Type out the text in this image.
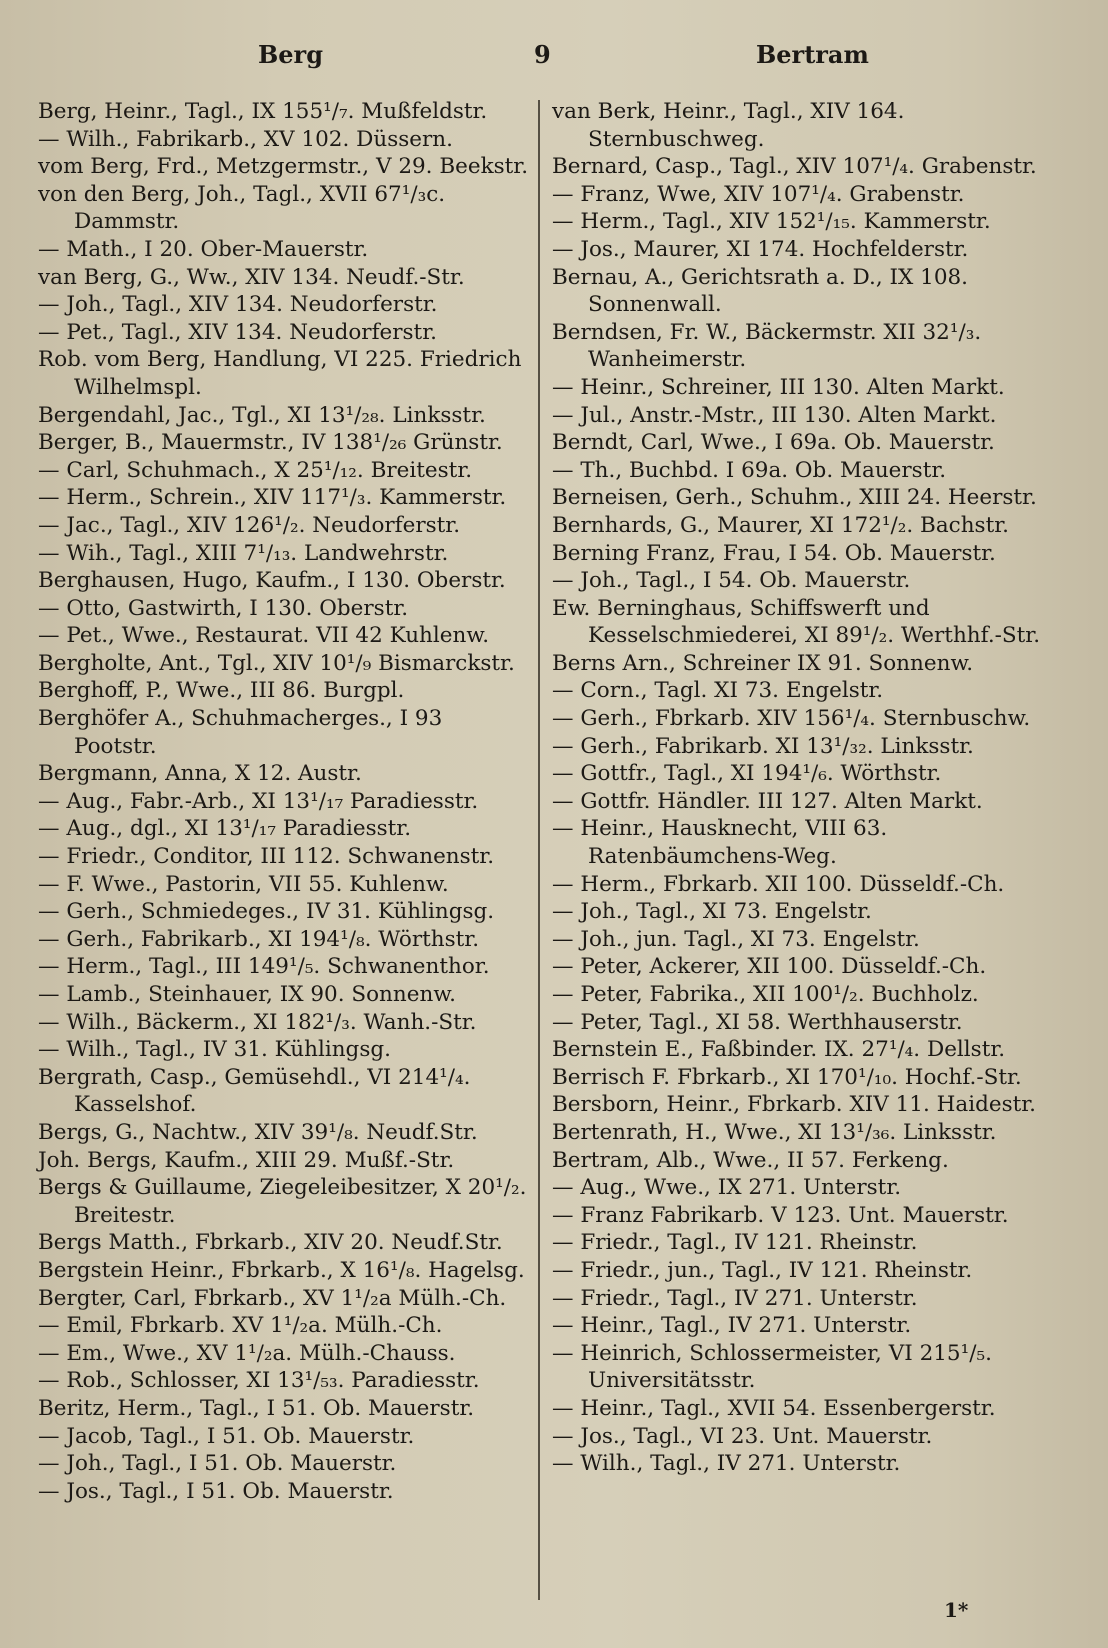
Berg	9	Bertram

Berg, Heinr., Tagl., IX 155¹/₇. Mußfeldstr.

— Wilh., Fabrikarb., XV 102. Düssern.

vom Berg, Frd., Metzgermstr., V 29. Beekstr.

von den Berg, Joh., Tagl., XVII 67¹/₃c. Dammstr.

— Math., I 20. Ober-Mauerstr.

van Berg, G., Ww., XIV 134. Neudf.-Str.

— Joh., Tagl., XIV 134. Neudorferstr.

— Pet., Tagl., XIV 134. Neudorferstr.

Rob. vom Berg, Handlung, VI 225. Friedrich Wilhelmspl.

Bergendahl, Jac., Tgl., XI 13¹/₂₈. Linksstr.

Berger, B., Mauermstr., IV 138¹/₂₆ Grünstr.

— Carl, Schuhmach., X 25¹/₁₂. Breitestr.

— Herm., Schrein., XIV 117¹/₃. Kammerstr.

— Jac., Tagl., XIV 126¹/₂. Neudorferstr.

— Wih., Tagl., XIII 7¹/₁₃. Landwehrstr.

Berghausen, Hugo, Kaufm., I 130. Oberstr.

— Otto, Gastwirth, I 130. Oberstr.

— Pet., Wwe., Restaurat. VII 42 Kuhlenw.

Bergholte, Ant., Tgl., XIV 10¹/₉ Bismarckstr.

Berghoff, P., Wwe., III 86. Burgpl.

Berghöfer A., Schuhmacherges., I 93 Pootstr.

Bergmann, Anna, X 12. Austr.

— Aug., Fabr.-Arb., XI 13¹/₁₇ Paradiesstr.

— Aug., dgl., XI 13¹/₁₇ Paradiesstr.

— Friedr., Conditor, III 112. Schwanenstr.

— F. Wwe., Pastorin, VII 55. Kuhlenw.

— Gerh., Schmiedeges., IV 31. Kühlingsg.

— Gerh., Fabrikarb., XI 194¹/₈. Wörthstr.

— Herm., Tagl., III 149¹/₅. Schwanenthor.

— Lamb., Steinhauer, IX 90. Sonnenw.

— Wilh., Bäckerm., XI 182¹/₃. Wanh.-Str.

— Wilh., Tagl., IV 31. Kühlingsg.

Bergrath, Casp., Gemüsehdl., VI 214¹/₄. Kasselshof.

Bergs, G., Nachtw., XIV 39¹/₈. Neudf.Str.

Joh. Bergs, Kaufm., XIII 29. Mußf.-Str.

Bergs & Guillaume, Ziegeleibesitzer, X 20¹/₂. Breitestr.

Bergs Matth., Fbrkarb., XIV 20. Neudf.Str.

Bergstein Heinr., Fbrkarb., X 16¹/₈. Hagelsg.

Bergter, Carl, Fbrkarb., XV 1¹/₂a Mülh.-Ch.

— Emil, Fbrkarb. XV 1¹/₂a. Mülh.-Ch.

— Em., Wwe., XV 1¹/₂a. Mülh.-Chauss.

— Rob., Schlosser, XI 13¹/₅₃. Paradiesstr.

Beritz, Herm., Tagl., I 51. Ob. Mauerstr.

— Jacob, Tagl., I 51. Ob. Mauerstr.

— Joh., Tagl., I 51. Ob. Mauerstr.

— Jos., Tagl., I 51. Ob. Mauerstr.

van Berk, Heinr., Tagl., XIV 164. Sternbuschweg.

Bernard, Casp., Tagl., XIV 107¹/₄. Grabenstr.

— Franz, Wwe, XIV 107¹/₄. Grabenstr.

— Herm., Tagl., XIV 152¹/₁₅. Kammerstr.

— Jos., Maurer, XI 174. Hochfelderstr.

Bernau, A., Gerichtsrath a. D., IX 108. Sonnenwall.

Berndsen, Fr. W., Bäckermstr. XII 32¹/₃. Wanheimerstr.

— Heinr., Schreiner, III 130. Alten Markt.

— Jul., Anstr.-Mstr., III 130. Alten Markt.

Berndt, Carl, Wwe., I 69a. Ob. Mauerstr.

— Th., Buchbd. I 69a. Ob. Mauerstr.

Berneisen, Gerh., Schuhm., XIII 24. Heerstr.

Bernhards, G., Maurer, XI 172¹/₂. Bachstr.

Berning Franz, Frau, I 54. Ob. Mauerstr.

— Joh., Tagl., I 54. Ob. Mauerstr.

Ew. Berninghaus, Schiffswerft und Kesselschmiederei, XI 89¹/₂. Werthhf.-Str.

Berns Arn., Schreiner IX 91. Sonnenw.

— Corn., Tagl. XI 73. Engelstr.

— Gerh., Fbrkarb. XIV 156¹/₄. Sternbuschw.

— Gerh., Fabrikarb. XI 13¹/₃₂. Linksstr.

— Gottfr., Tagl., XI 194¹/₆. Wörthstr.

— Gottfr. Händler. III 127. Alten Markt.

— Heinr., Hausknecht, VIII 63. Ratenbäumchens-Weg.

— Herm., Fbrkarb. XII 100. Düsseldf.-Ch.

— Joh., Tagl., XI 73. Engelstr.

— Joh., jun. Tagl., XI 73. Engelstr.

— Peter, Ackerer, XII 100. Düsseldf.-Ch.

— Peter, Fabrika., XII 100¹/₂. Buchholz.

— Peter, Tagl., XI 58. Werthhauserstr.

Bernstein E., Faßbinder. IX. 27¹/₄. Dellstr.

Berrisch F. Fbrkarb., XI 170¹/₁₀. Hochf.-Str.

Bersborn, Heinr., Fbrkarb. XIV 11. Haidestr.

Bertenrath, H., Wwe., XI 13¹/₃₆. Linksstr.

Bertram, Alb., Wwe., II 57. Ferkeng.

— Aug., Wwe., IX 271. Unterstr.

— Franz Fabrikarb. V 123. Unt. Mauerstr.

— Friedr., Tagl., IV 121. Rheinstr.

— Friedr., jun., Tagl., IV 121. Rheinstr.

— Friedr., Tagl., IV 271. Unterstr.

— Heinr., Tagl., IV 271. Unterstr.

— Heinrich, Schlossermeister, VI 215¹/₅. Universitätsstr.

— Heinr., Tagl., XVII 54. Essenbergerstr.

— Jos., Tagl., VI 23. Unt. Mauerstr.

— Wilh., Tagl., IV 271. Unterstr.

1*
